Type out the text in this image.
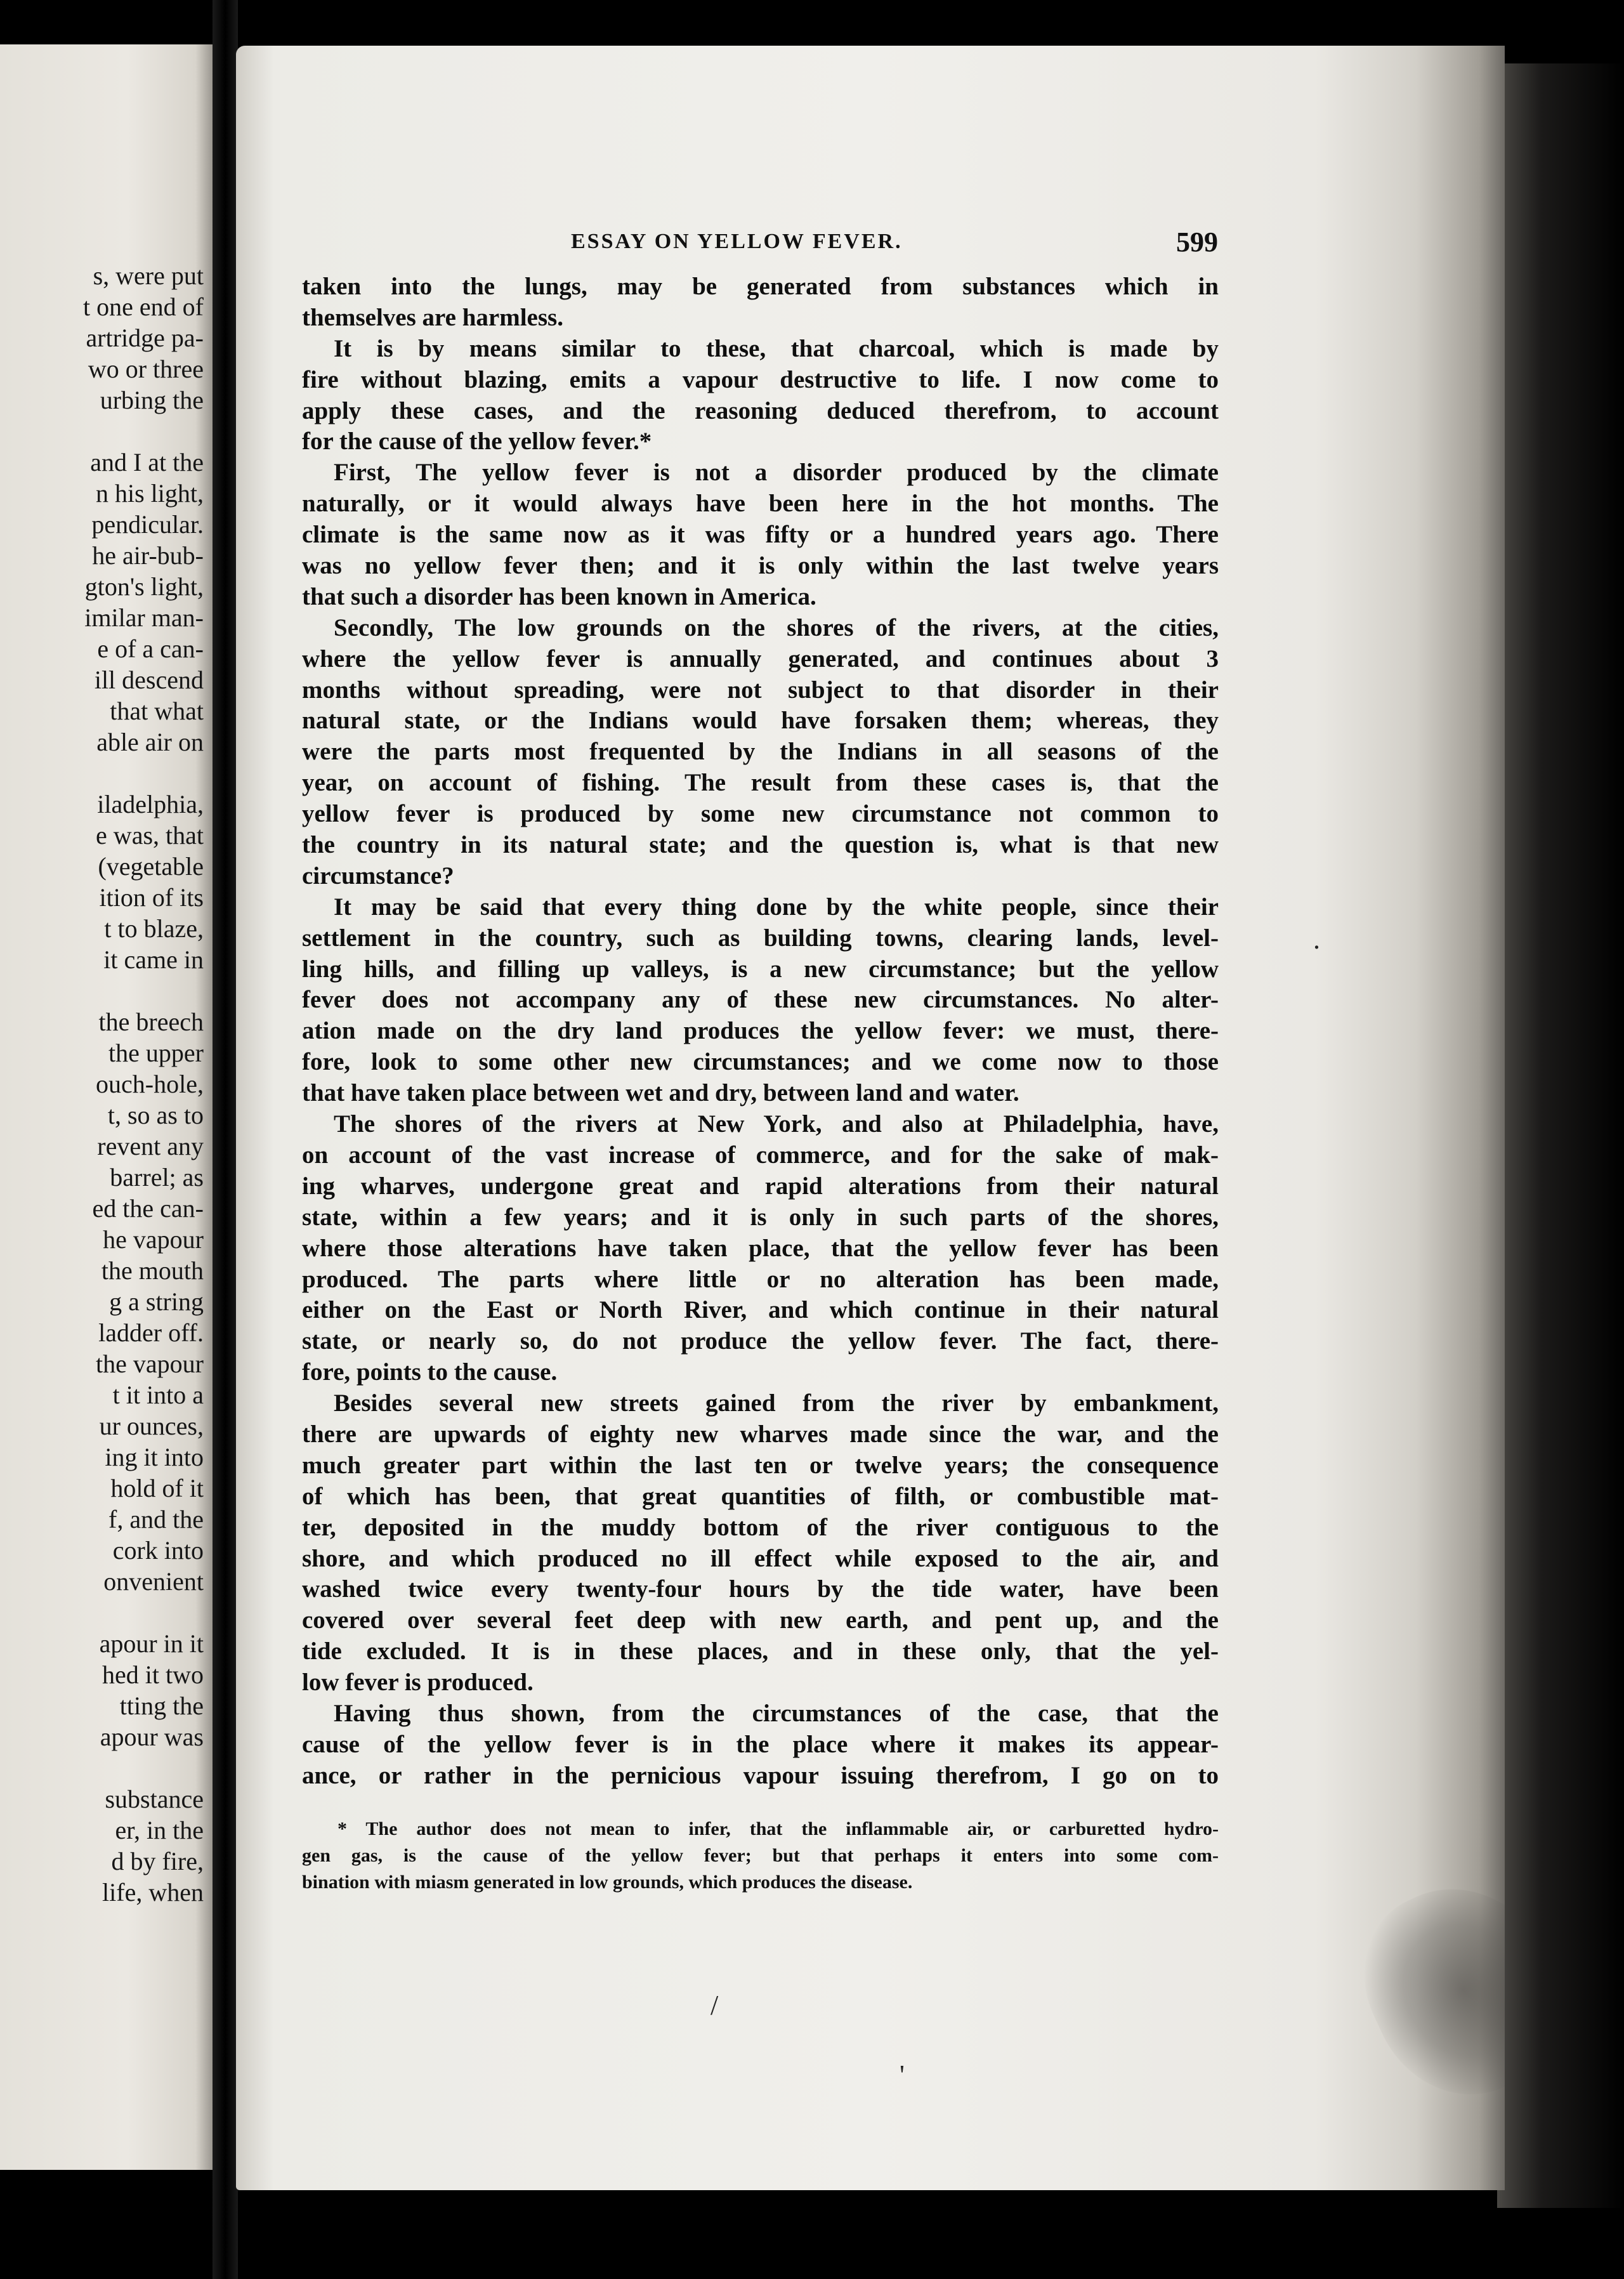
s, were put
t one end of
artridge pa-
wo or three
urbing the
and I at the
n his light,
pendicular.
he air-bub-
gton's light,
imilar man-
e of a can-
ill descend
that what
able air on
iladelphia,
e was, that
(vegetable
ition of its
t to blaze,
it came in
the breech
the upper
ouch-hole,
t, so as to
revent any
barrel; as
ed the can-
he vapour
the mouth
g a string
ladder off.
the vapour
t it into a
ur ounces,
ing it into
hold of it
f, and the
cork into
onvenient
apour in it
hed it two
tting the
apour was
substance
er, in the
d by fire,
life, when
ESSAY ON YELLOW FEVER.	599
taken into the lungs, may be generated from substances which in
themselves are harmless.
It is by means similar to these, that charcoal, which is made by
fire without blazing, emits a vapour destructive to life. I now come to
apply these cases, and the reasoning deduced therefrom, to account
for the cause of the yellow fever.*
First, The yellow fever is not a disorder produced by the climate
naturally, or it would always have been here in the hot months. The
climate is the same now as it was fifty or a hundred years ago. There
was no yellow fever then; and it is only within the last twelve years
that such a disorder has been known in America.
Secondly, The low grounds on the shores of the rivers, at the cities,
where the yellow fever is annually generated, and continues about 3
months without spreading, were not subject to that disorder in their
natural state, or the Indians would have forsaken them; whereas, they
were the parts most frequented by the Indians in all seasons of the
year, on account of fishing. The result from these cases is, that the
yellow fever is produced by some new circumstance not common to
the country in its natural state; and the question is, what is that new
circumstance?
It may be said that every thing done by the white people, since their
settlement in the country, such as building towns, clearing lands, level-
ling hills, and filling up valleys, is a new circumstance; but the yellow
fever does not accompany any of these new circumstances. No alter-
ation made on the dry land produces the yellow fever: we must, there-
fore, look to some other new circumstances; and we come now to those
that have taken place between wet and dry, between land and water.
The shores of the rivers at New York, and also at Philadelphia, have,
on account of the vast increase of commerce, and for the sake of mak-
ing wharves, undergone great and rapid alterations from their natural
state, within a few years; and it is only in such parts of the shores,
where those alterations have taken place, that the yellow fever has been
produced. The parts where little or no alteration has been made,
either on the East or North River, and which continue in their natural
state, or nearly so, do not produce the yellow fever. The fact, there-
fore, points to the cause.
Besides several new streets gained from the river by embankment,
there are upwards of eighty new wharves made since the war, and the
much greater part within the last ten or twelve years; the consequence
of which has been, that great quantities of filth, or combustible mat-
ter, deposited in the muddy bottom of the river contiguous to the
shore, and which produced no ill effect while exposed to the air, and
washed twice every twenty-four hours by the tide water, have been
covered over several feet deep with new earth, and pent up, and the
tide excluded. It is in these places, and in these only, that the yel-
low fever is produced.
Having thus shown, from the circumstances of the case, that the
cause of the yellow fever is in the place where it makes its appear-
ance, or rather in the pernicious vapour issuing therefrom, I go on to
* The author does not mean to infer, that the inflammable air, or carburetted hydro-
gen gas, is the cause of the yellow fever; but that perhaps it enters into some com-
bination with miasm generated in low grounds, which produces the disease.
/
'
.
